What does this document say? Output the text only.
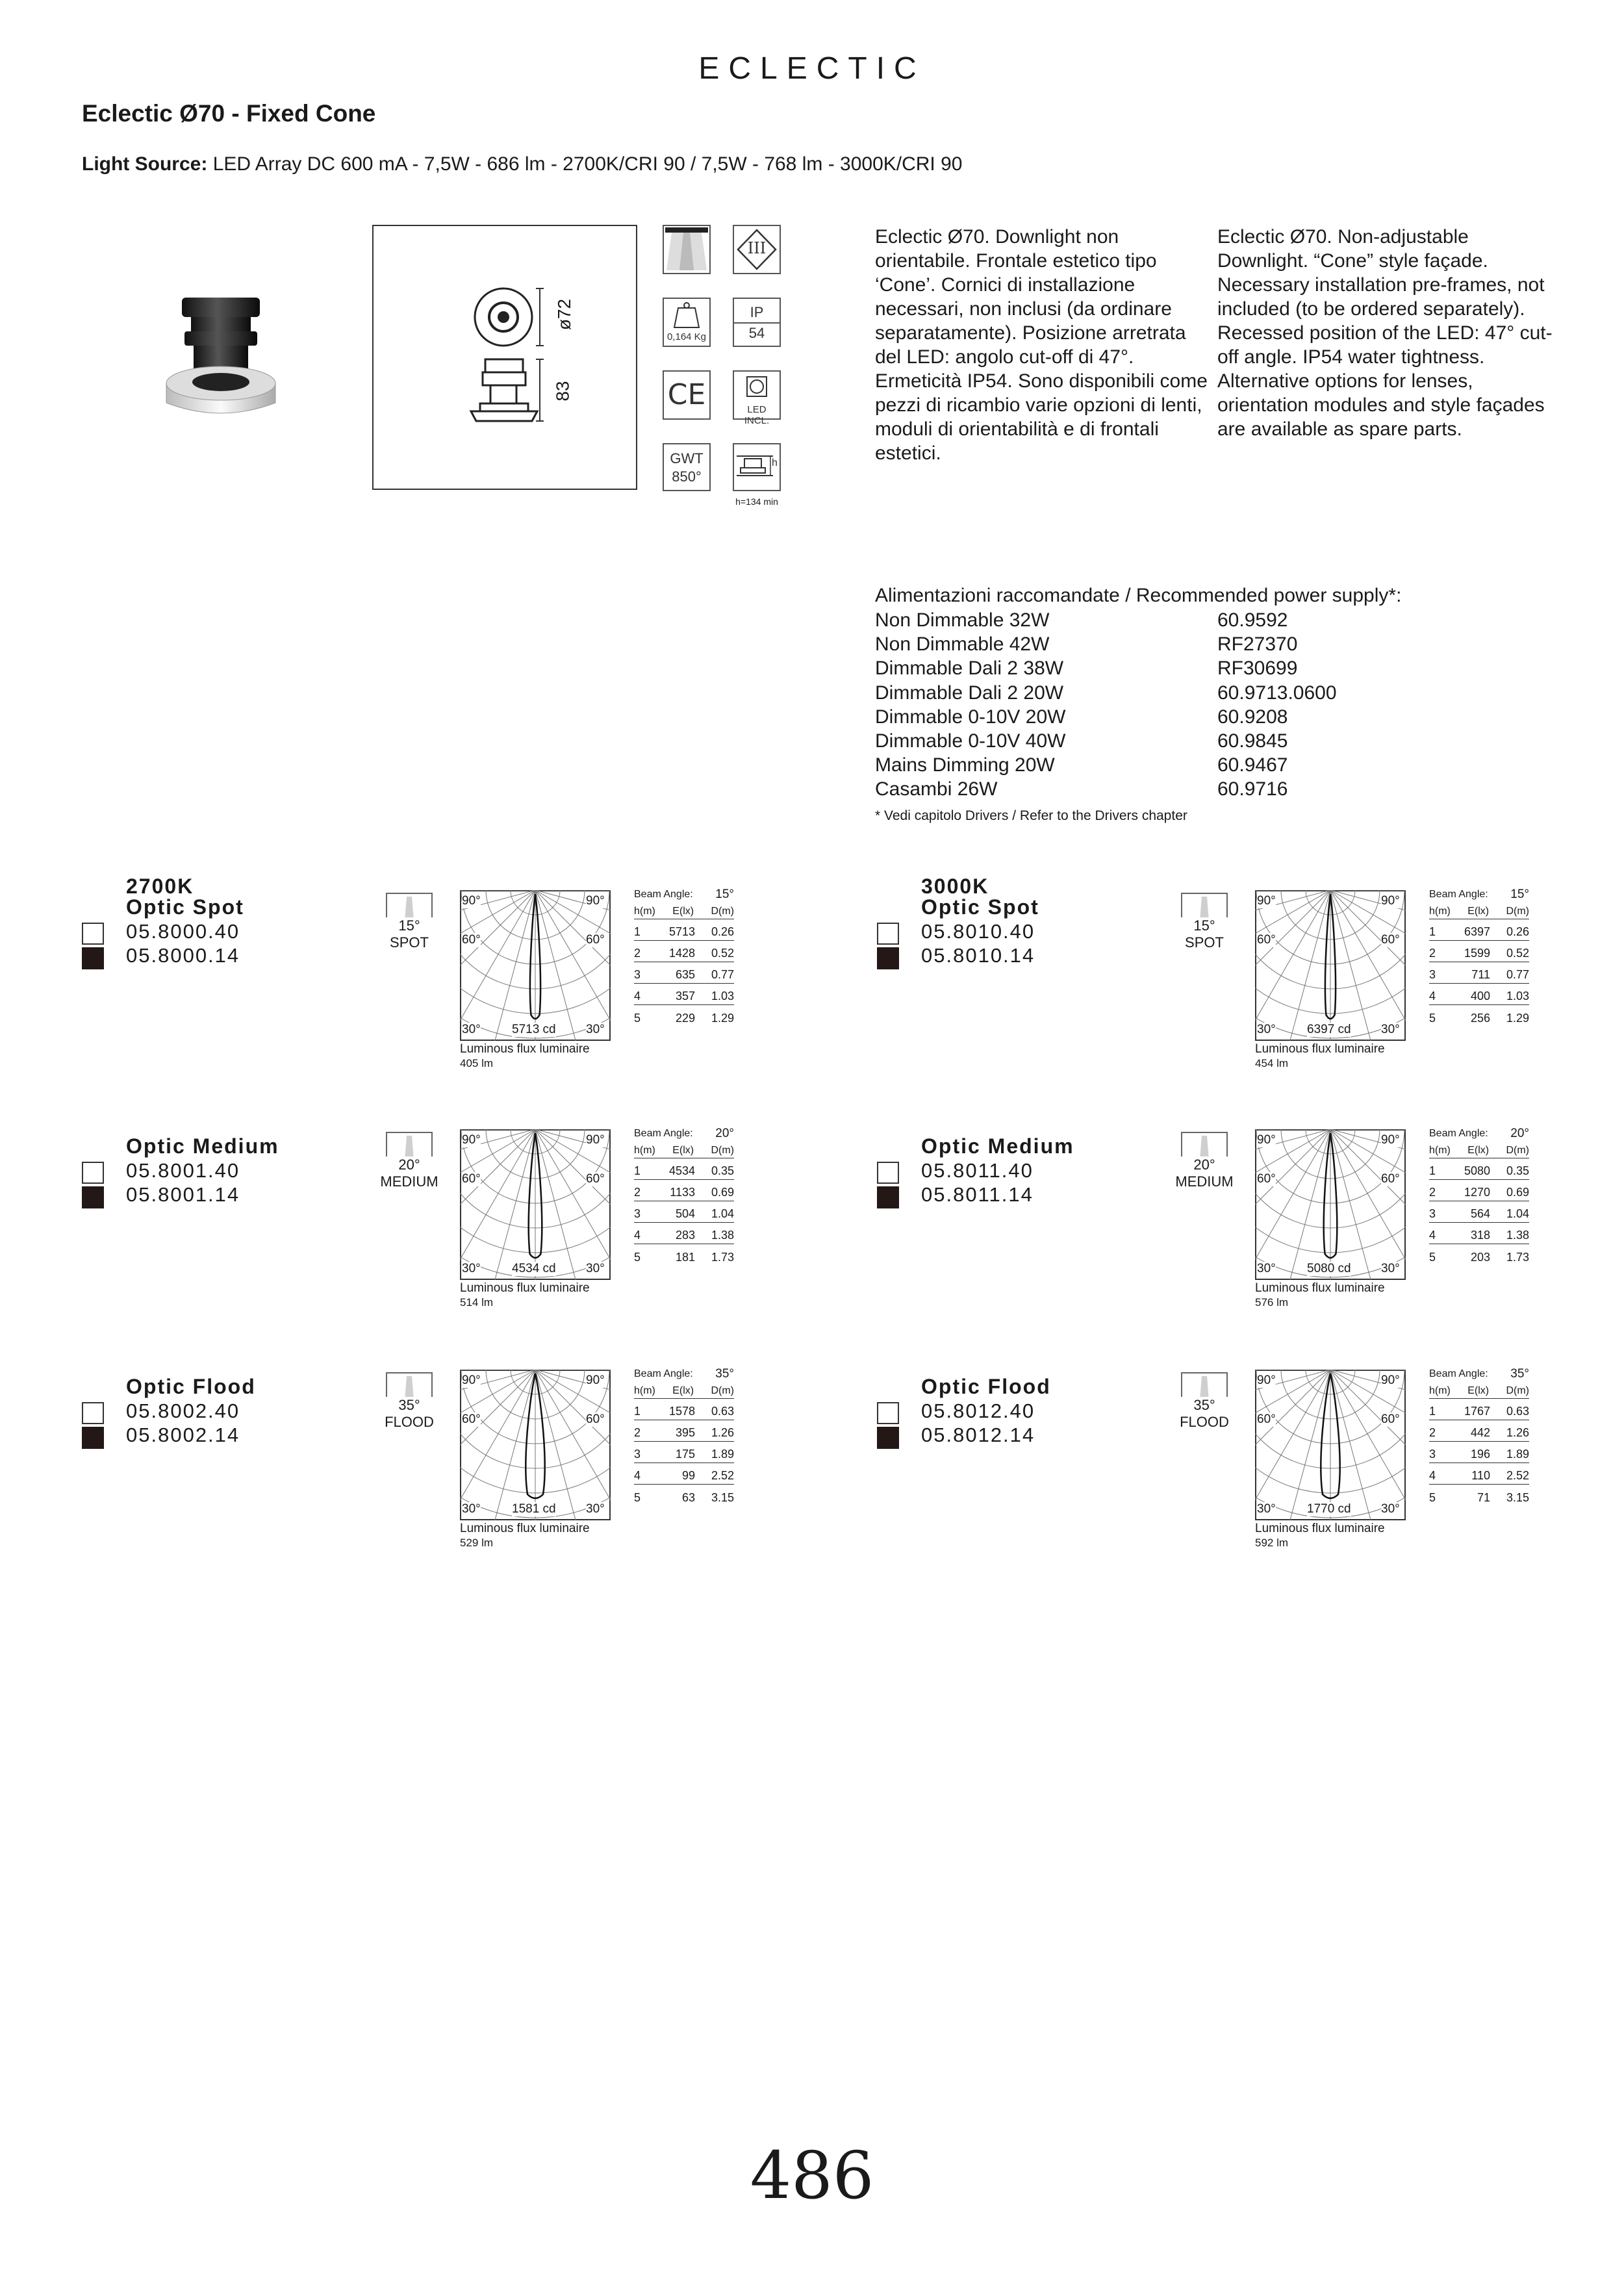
ECLECTIC
Eclectic Ø70 - Fixed Cone
Light Source: LED Array DC 600 mA - 7,5W - 686 lm - 2700K/CRI 90 / 7,5W - 768 lm - 3000K/CRI 90
ø72
83
0,164 Kg
CE
GWT
850°
III
IP
54
LED INCL.
h
h=134 min
Eclectic Ø70. Downlight non orientabile. Frontale estetico tipo ‘Cone’. Cornici di installazione necessari, non inclusi (da ordinare separatamente). Posizione arretrata del LED: angolo cut-off di 47°. Ermeticità IP54. Sono disponibili come pezzi di ricambio varie opzioni di lenti, moduli di orientabilità e di frontali estetici.
Eclectic Ø70. Non-adjustable Downlight. “Cone” style façade. Necessary installation pre-frames, not included (to be ordered separately). Recessed position of the LED: 47° cut-off angle. IP54 water tightness. Alternative options for lenses, orientation modules and style façades are available as spare parts.
Alimentazioni raccomandate / Recommended power supply*:
Non Dimmable 32W	60.9592
Non Dimmable 42W	RF27370
Dimmable Dali 2 38W	RF30699
Dimmable Dali 2 20W	60.9713.0600
Dimmable 0-10V 20W	60.9208
Dimmable 0-10V 40W	60.9845
Mains Dimming 20W	60.9467
Casambi 26W	60.9716
* Vedi capitolo Drivers / Refer to the Drivers chapter
2700K
Optic Spot
05.8000.40
05.8000.14
15°
SPOT
90°	90°
60°	60°
30°	30°
5713 cd
Luminous flux luminaire
405 lm
Beam Angle: 15°
h(m) E(lx) D(m)
1	5713	0.26
2	1428	0.52
3	635	0.77
4	357	1.03
5	229	1.29
Optic Medium
05.8001.40
05.8001.14
20°
MEDIUM
90°	90°
60°	60°
30°	30°
4534 cd
Luminous flux luminaire
514 lm
Beam Angle: 20°
h(m) E(lx) D(m)
1	4534	0.35
2	1133	0.69
3	504	1.04
4	283	1.38
5	181	1.73
Optic Flood
05.8002.40
05.8002.14
35°
FLOOD
90°	90°
60°	60°
30°	30°
1581 cd
Luminous flux luminaire
529 lm
Beam Angle: 35°
h(m) E(lx) D(m)
1	1578	0.63
2	395	1.26
3	175	1.89
4	99	2.52
5	63	3.15
3000K
Optic Spot
05.8010.40
05.8010.14
15°
SPOT
90°	90°
60°	60°
30°	30°
6397 cd
Luminous flux luminaire
454 lm
Beam Angle: 15°
h(m) E(lx) D(m)
1	6397	0.26
2	1599	0.52
3	711	0.77
4	400	1.03
5	256	1.29
Optic Medium
05.8011.40
05.8011.14
20°
MEDIUM
90°	90°
60°	60°
30°	30°
5080 cd
Luminous flux luminaire
576 lm
Beam Angle: 20°
h(m) E(lx) D(m)
1	5080	0.35
2	1270	0.69
3	564	1.04
4	318	1.38
5	203	1.73
Optic Flood
05.8012.40
05.8012.14
35°
FLOOD
90°	90°
60°	60°
30°	30°
1770 cd
Luminous flux luminaire
592 lm
Beam Angle: 35°
h(m) E(lx) D(m)
1	1767	0.63
2	442	1.26
3	196	1.89
4	110	2.52
5	71	3.15
486
